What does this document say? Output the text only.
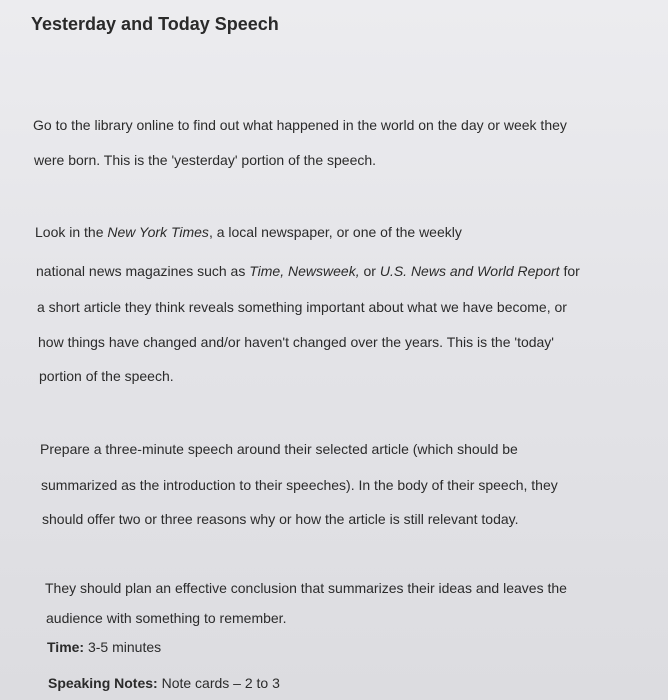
Yesterday and Today Speech
Go to the library online to find out what happened in the world on the day or week they
were born. This is the 'yesterday' portion of the speech.
Look in the New York Times, a local newspaper, or one of the weekly
national news magazines such as Time, Newsweek, or U.S. News and World Report for
a short article they think reveals something important about what we have become, or
how things have changed and/or haven't changed over the years. This is the 'today'
portion of the speech.
Prepare a three-minute speech around their selected article (which should be
summarized as the introduction to their speeches). In the body of their speech, they
should offer two or three reasons why or how the article is still relevant today.
They should plan an effective conclusion that summarizes their ideas and leaves the
audience with something to remember.
Time: 3-5 minutes
Speaking Notes: Note cards – 2 to 3
